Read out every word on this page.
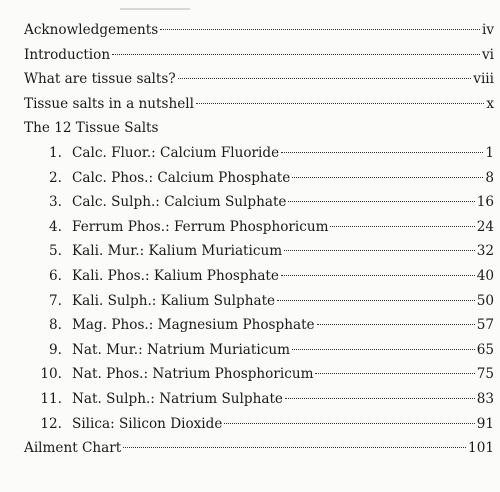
Acknowledgements	iv
Introduction	vi
What are tissue salts?	viii
Tissue salts in a nutshell	x
The 12 Tissue Salts
1. Calc. Fluor.: Calcium Fluoride	1
2. Calc. Phos.: Calcium Phosphate	8
3. Calc. Sulph.: Calcium Sulphate	16
4. Ferrum Phos.: Ferrum Phosphoricum	24
5. Kali. Mur.: Kalium Muriaticum	32
6. Kali. Phos.: Kalium Phosphate	40
7. Kali. Sulph.: Kalium Sulphate	50
8. Mag. Phos.: Magnesium Phosphate	57
9. Nat. Mur.: Natrium Muriaticum	65
10. Nat. Phos.: Natrium Phosphoricum	75
11. Nat. Sulph.: Natrium Sulphate	83
12. Silica: Silicon Dioxide	91
Ailment Chart	101
